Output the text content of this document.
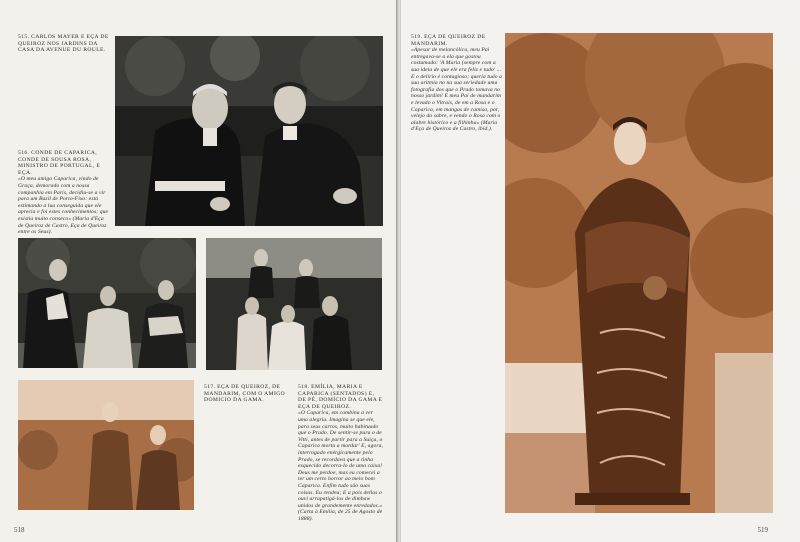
515. CARLOS MAYER E EÇA DE QUEIROZ NOS JARDINS DA CASA DA AVENUE DU ROULE.
516. CONDE DE CAPARICA, CONDE DE SOUSA ROSA, MINISTRO DE PORTUGAL, E EÇA.
«O meu amigo Caparica, vindo de Graça, demorado com a nossa companhia em Paris, decidiu-se a vir para um Bazil de Porto-Fixo: está estimando a lua conseguida que ele aprecia e foi estes conhecimentos; que existia muito conseco» (Maria d'Eça de Queiroz de Castro, Eça de Queiroz entre os Seus).
517. EÇA DE QUEIROZ, DE MANDARIM, COM O AMIGO DOMICIO DA GAMA.
518. EMÍLIA, MARIA E CAPARICA (SENTADOS) E, DE PÉ, DOMÍCIO DA GAMA E EÇA DE QUEIROZ.
«O Caparica, em combina a ver uma alegria. Imagina se que ele, para seus carros, muito habituado que o Prado. De sentir-se pura o de Vitti, antes de partir para a Suíça, o Caparica morta a mordar' E, agora, interrogado enérgicamente pelo Prado, se recordava que a tinha esquecido decorra-lo de uma caixa! Deus me perdoe, mas eu comecei a ter um certo horror ao meio bom Caparica. Enfim tudo são suas coisas. Eu rendeu; E a pois dellas o ouvi arrapatigá-los de dimbaw unidos de grandemente enredados.» (Carta à Emília, de 25 de Agosto de 1888).
518
519. EÇA DE QUEIROZ DE MANDARIM.
«Apesar de melancólica, meu Pai entregava-se a ela que gostou costumado: 'A Maria (sempre com a sua ideia de que ele era feliz e tudo' ... E o delírio é contagioso; queria tudo a sua aritmia no na sua seriedade uma fotografia dos que o Prado tomava no nosso jardim! E meu Pai de mandarim e levado o Vitrais, de em a Rosa e o Caparica, em mangas de camisa, por, velejo do sabre, e vendo o Rosa com o alabre histórico e a filhinha» (Maria d'Eça de Queiroz de Castro, ibid.).
519
